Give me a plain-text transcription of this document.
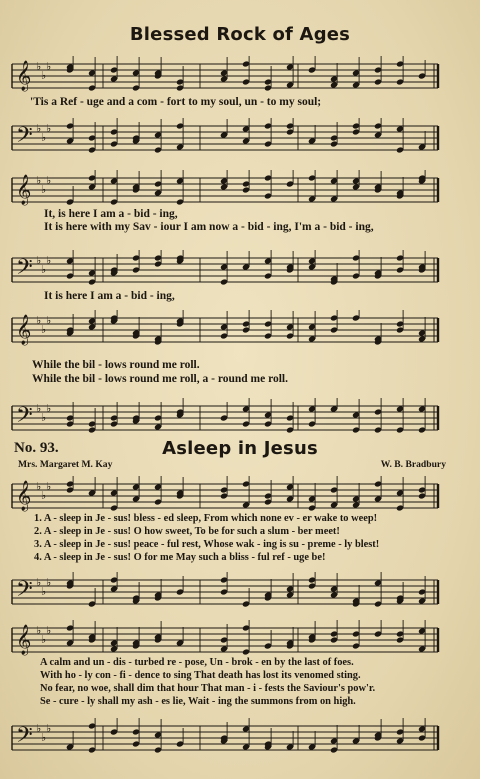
Blessed Rock of Ages
𝄞 ♭
♭
♭
'Tis a Ref - uge and a com - fort to my soul, un - to my soul;
𝄢 ♭
♭
♭
𝄞 ♭
♭
♭
It, is here I am a - bid - ing,
It is here with my Sav - iour I am now a - bid - ing, I'm a - bid - ing,
𝄢 ♭
♭
♭
It is here I am a - bid - ing,
𝄞 ♭
♭
♭
While the bil - lows round me roll.
While the bil - lows round me roll, a - round me roll.
𝄢 ♭
♭
♭
No. 93.	Asleep in Jesus
Mrs. Margaret M. Kay	W. B. Bradbury
𝄞 ♭
♭
♭
1. A - sleep in Je - sus! bless - ed sleep, From which none ev - er wake to weep!
2. A - sleep in Je - sus! O how sweet, To be for such a slum - ber meet!
3. A - sleep in Je - sus! peace - ful rest, Whose wak - ing is su - preme - ly blest!
4. A - sleep in Je - sus! O for me May such a bliss - ful ref - uge be!
𝄢 ♭
♭
♭
𝄞 ♭
♭
♭
A calm and un - dis - turbed re - pose, Un - brok - en by the last of foes.
With ho - ly con - fi - dence to sing That death has lost its venomed sting.
No fear, no woe, shall dim that hour That man - i - fests the Saviour's pow'r.
Se - cure - ly shall my ash - es lie, Wait - ing the summons from on high.
𝄢 ♭
♭
♭
